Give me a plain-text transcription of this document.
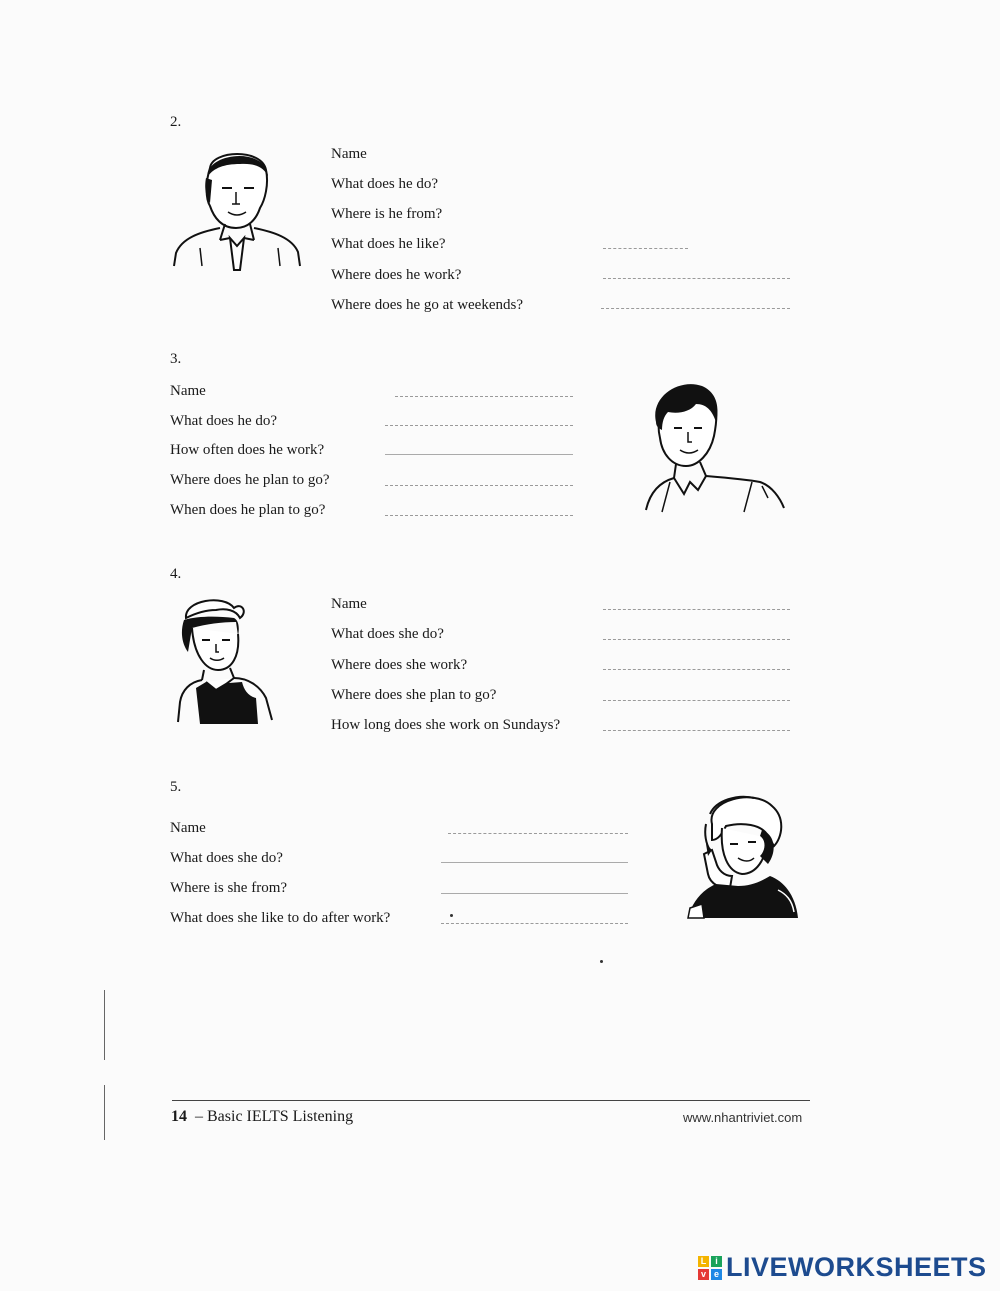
2.
Name
What does he do?
Where is he from?
What does he like?
Where does he work?
Where does he go at weekends?
3.
Name
What does he do?
How often does he work?
Where does he plan to go?
When does he plan to go?
4.
Name
What does she do?
Where does she work?
Where does she plan to go?
How long does she work on Sundays?
5.
Name
What does she do?
Where is she from?
What does she like to do after work?
14 – Basic IELTS Listening	www.nhantriviet.com
L i
v e LIVEWORKSHEETS
